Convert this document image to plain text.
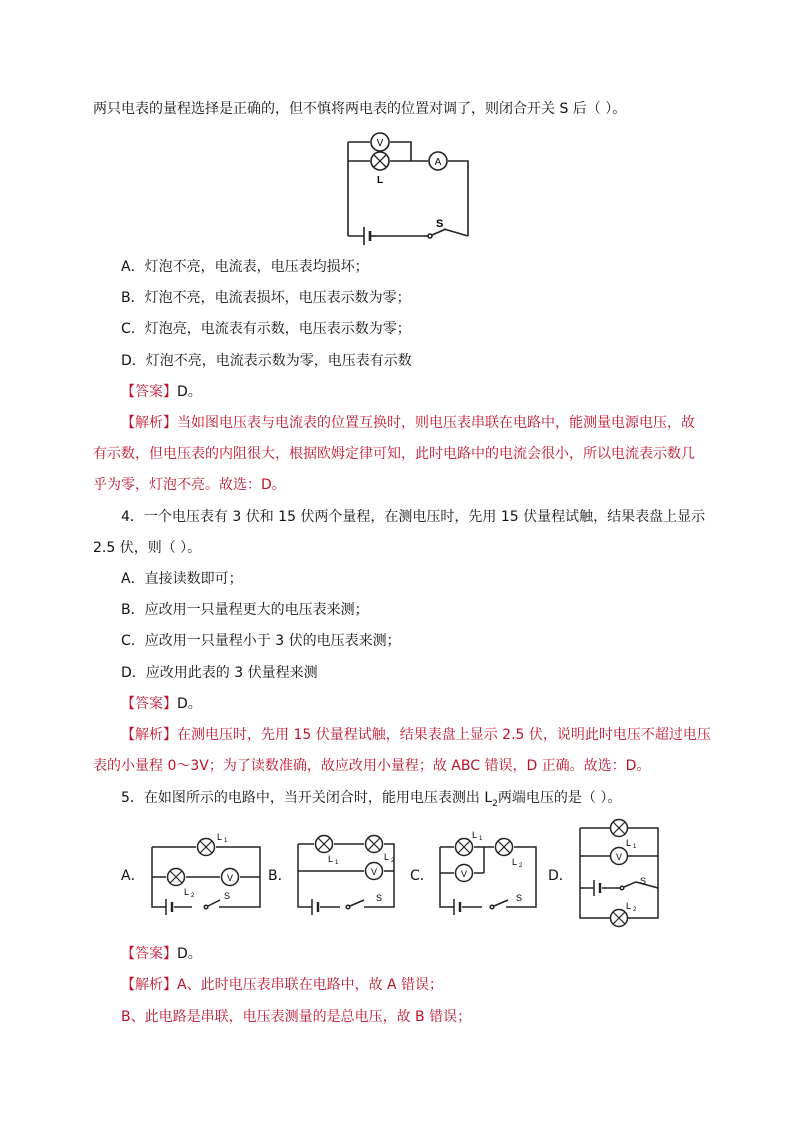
两只电表的量程选择是正确的，但不慎将两电表的位置对调了，则闭合开关 S 后（ ）。
V
L
A
S
A．灯泡不亮，电流表，电压表均损坏；
B．灯泡不亮，电流表损坏，电压表示数为零；
C．灯泡亮，电流表有示数，电压表示数为零；
D．灯泡不亮，电流表示数为零，电压表有示数
【答案】D。
【解析】当如图电压表与电流表的位置互换时，则电压表串联在电路中，能测量电源电压，故
有示数，但电压表的内阻很大，根据欧姆定律可知，此时电路中的电流会很小，所以电流表示数几
乎为零，灯泡不亮。故选：D。
4．一个电压表有 3 伏和 15 伏两个量程，在测电压时，先用 15 伏量程试触，结果表盘上显示
2.5 伏，则（ ）。
A．直接读数即可；
B．应改用一只量程更大的电压表来测；
C．应改用一只量程小于 3 伏的电压表来测；
D．应改用此表的 3 伏量程来测
【答案】D。
【解析】在测电压时，先用 15 伏量程试触，结果表盘上显示 2.5 伏，说明此时电压不超过电压
表的小量程 0～3V；为了读数准确，故应改用小量程；故 ABC 错误，D 正确。故选：D。
5．在如图所示的电路中，当开关闭合时，能用电压表测出 $L_2$两端电压的是（ ）。
A．	B．	C．	D．
L 1
L 2
V
S
L 1
L 2
V
S
L 1
L 2
V
S
L 1
V
L 2
S
【答案】D。
【解析】A、此时电压表串联在电路中，故 A 错误；
B、此电路是串联，电压表测量的是总电压，故 B 错误；
